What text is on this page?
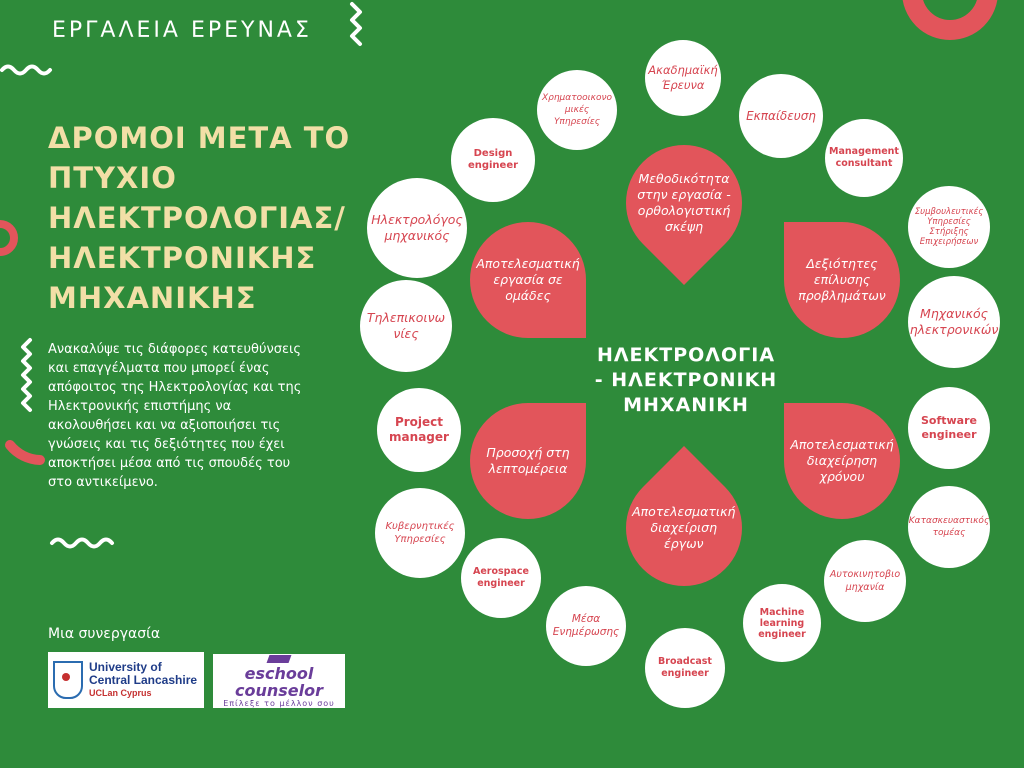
ΕΡΓΑΛΕΙΑ ΕΡΕΥΝΑΣ
ΔΡΟΜΟΙ ΜΕΤΑ ΤΟ
ΠΤΥΧΙΟ
ΗΛΕΚΤΡΟΛΟΓΙΑΣ/
ΗΛΕΚΤΡΟΝΙΚΗΣ
ΜΗΧΑΝΙΚΗΣ
Ανακαλύψε τις διάφορες κατευθύνσεις και επαγγέλματα που μπορεί ένας απόφοιτος της Ηλεκτρολογίας και της Ηλεκτρονικής επιστήμης να ακολουθήσει και να αξιοποιήσει τις γνώσεις και τις δεξιότητες που έχει αποκτήσει μέσα από τις σπουδές του στο αντικείμενο.
Μια συνεργασία
University of
Central Lancashire
UCLan Cyprus
eschool
counselor
Επίλεξε το μέλλον σου
Μεθοδικότητα στην εργασία - ορθολογιστική σκέψη
Δεξιότητες επίλυσης προβλημάτων
Αποτελεσματική διαχείρηση χρόνου
Αποτελεσματική διαχείριση έργων
Προσοχή στη λεπτομέρεια
Αποτελεσματική εργασία σε ομάδες
ΗΛΕΚΤΡΟΛΟΓΙΑ
- ΗΛΕΚΤΡΟΝΙΚΗ
ΜΗΧΑΝΙΚΗ
Ακαδημαϊκή Έρευνα
Εκπαίδευση
Management consultant
Συμβουλευτικές Υπηρεσίες Στήριξης Επιχειρήσεων
Μηχανικός ηλεκτρονικών
Software engineer
Κατασκευαστικός τομέας
Αυτοκινητοβιο μηχανία
Machine learning engineer
Broadcast engineer
Μέσα Ενημέρωσης
Aerospace engineer
Κυβερνητικές Υπηρεσίες
Project manager
Τηλεπικοινω νίες
Ηλεκτρολόγος μηχανικός
Design engineer
Χρηματοοικονο μικές Υπηρεσίες
